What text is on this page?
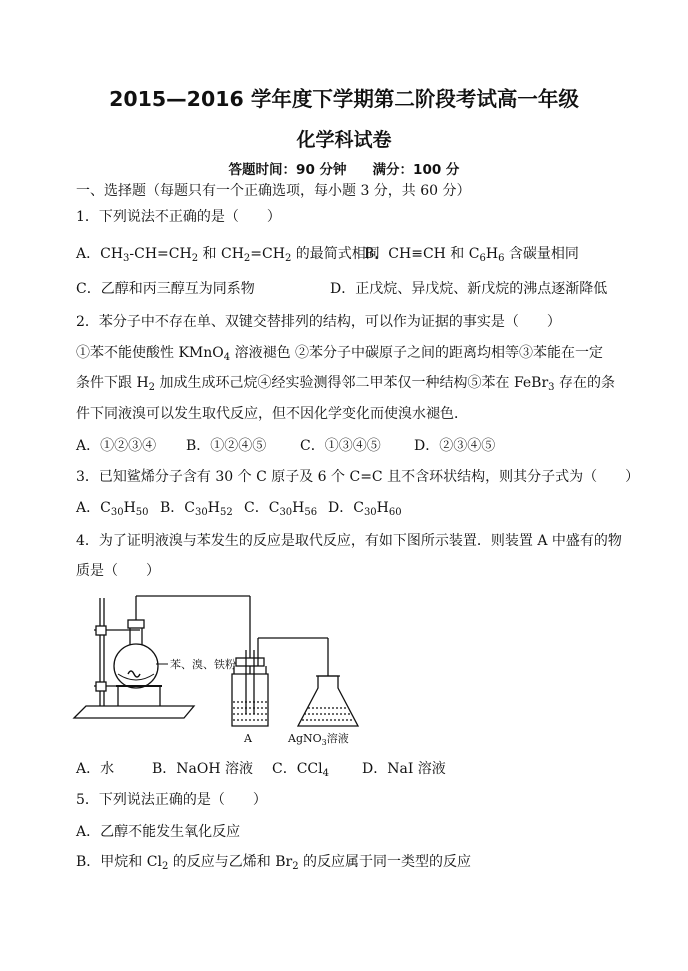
2015—2016 学年度下学期第二阶段考试高一年级
化学科试卷
答题时间：90 分钟 满分：100 分
一、选择题（每题只有一个正确选项，每小题 3 分，共 60 分）
1．下列说法不正确的是（　　）
A．$CH_3-CH=CH_2$ 和 $CH_2=CH_2$ 的最简式相同
B．CH≡CH 和 $C_6H_6$ 含碳量相同
C．乙醇和丙三醇互为同系物	D．正戊烷、异戊烷、新戊烷的沸点逐渐降低
2．苯分子中不存在单、双键交替排列的结构，可以作为证据的事实是（　　）
①苯不能使酸性 KMnO$_4$ 溶液褪色 ②苯分子中碳原子之间的距离均相等③苯能在一定
条件下跟 $H_2$ 加成生成环己烷④经实验测得邻二甲苯仅一种结构⑤苯在 FeBr$_3$ 存在的条
件下同液溴可以发生取代反应，但不因化学变化而使溴水褪色．
A．①②③④ B．①②④⑤ C．①③④⑤ D．②③④⑤
3．已知鲨烯分子含有 30 个 C 原子及 6 个 C=C 且不含环状结构，则其分子式为（　　）
A．$C_{30}H_{50}$ B．$C_{30}H_{52}$ C．$C_{30}H_{56}$ D．$C_{30}H_{60}$
4．为了证明液溴与苯发生的反应是取代反应，有如下图所示装置．则装置 A 中盛有的物
质是（　　）
苯、溴、铁粉
A	AgNO$_3$溶液
A．水	B．NaOH 溶液 C．CCl$_4$ D．NaI 溶液
5．下列说法正确的是（　　）
A．乙醇不能发生氧化反应
B．甲烷和 $Cl_2$ 的反应与乙烯和 $Br_2$ 的反应属于同一类型的反应
